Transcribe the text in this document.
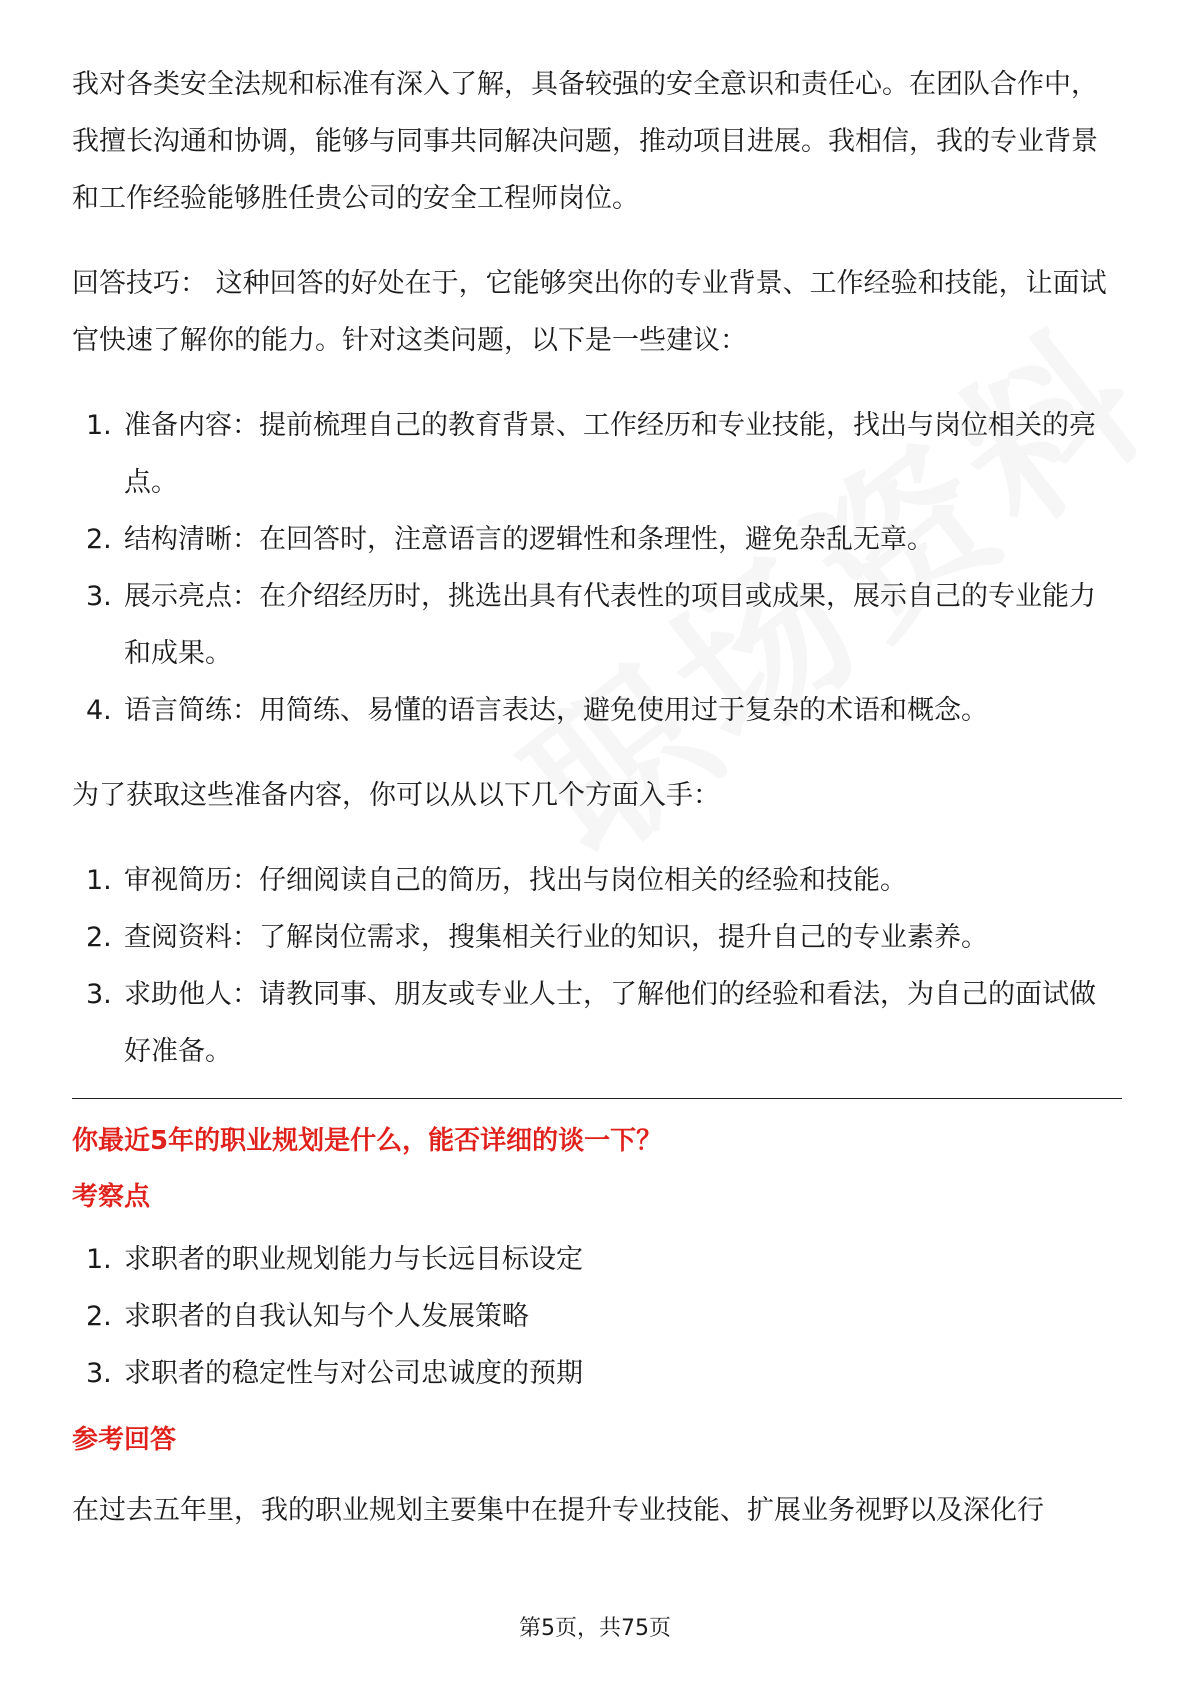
我对各类安全法规和标准有深入了解，具备较强的安全意识和责任心。在团队合作中，我擅长沟通和协调，能够与同事共同解决问题，推动项目进展。我相信，我的专业背景和工作经验能够胜任贵公司的安全工程师岗位。

回答技巧： 这种回答的好处在于，它能够突出你的专业背景、工作经验和技能，让面试官快速了解你的能力。针对这类问题，以下是一些建议：

1. 准备内容：提前梳理自己的教育背景、工作经历和专业技能，找出与岗位相关的亮点。
2. 结构清晰：在回答时，注意语言的逻辑性和条理性，避免杂乱无章。
3. 展示亮点：在介绍经历时，挑选出具有代表性的项目或成果，展示自己的专业能力和成果。
4. 语言简练：用简练、易懂的语言表达，避免使用过于复杂的术语和概念。

为了获取这些准备内容，你可以从以下几个方面入手：

1. 审视简历：仔细阅读自己的简历，找出与岗位相关的经验和技能。
2. 查阅资料：了解岗位需求，搜集相关行业的知识，提升自己的专业素养。
3. 求助他人：请教同事、朋友或专业人士，了解他们的经验和看法，为自己的面试做好准备。
你最近5年的职业规划是什么，能否详细的谈一下？
考察点
1. 求职者的职业规划能力与长远目标设定
2. 求职者的自我认知与个人发展策略
3. 求职者的稳定性与对公司忠诚度的预期
参考回答

在过去五年里，我的职业规划主要集中在提升专业技能、扩展业务视野以及深化行

第5页，共75页
